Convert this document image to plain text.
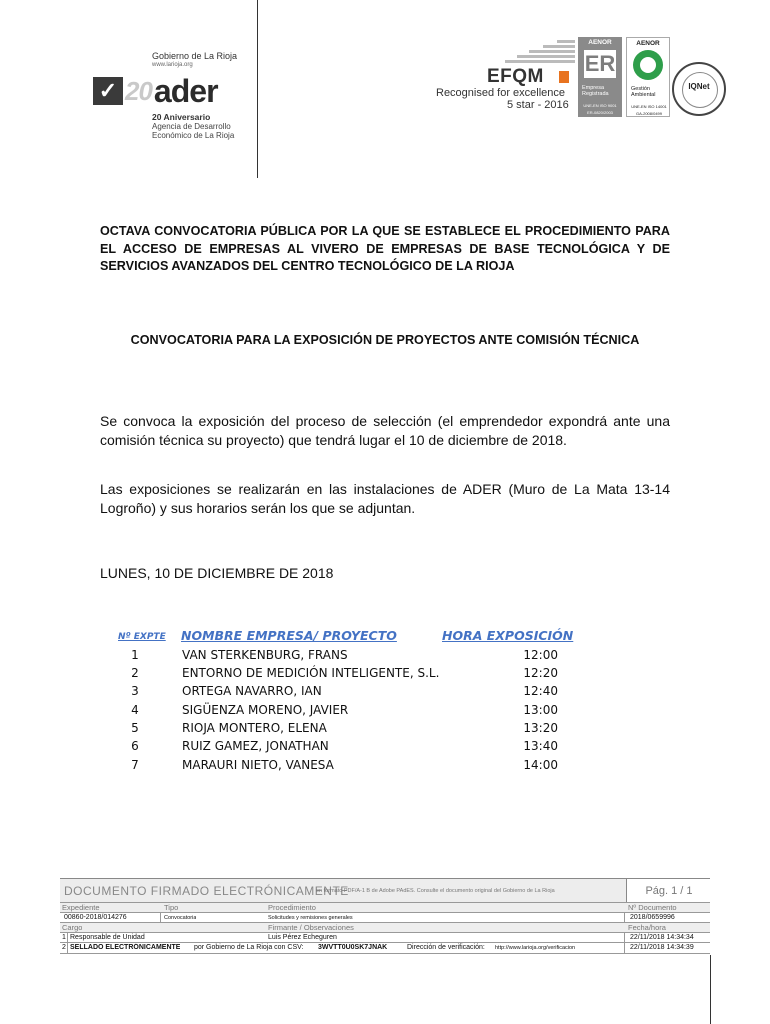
Gobierno de La Rioja
www.larioja.org
✓ 20 ader
20 Aniversario
Agencia de Desarrollo
Económico de La Rioja
EFQM
Recognised for excellence
5 star - 2016
AENOR
ER
Empresa
Registrada
UNE-EN ISO 9001
ER-0820/2003
AENOR
Gestión
Ambiental
UNE-EN ISO 14001
GA-2008/0499
IQNet
OCTAVA CONVOCATORIA PÚBLICA POR LA QUE SE ESTABLECE EL PROCEDIMIENTO PARA EL ACCESO DE EMPRESAS AL VIVERO DE EMPRESAS DE BASE TECNOLÓGICA Y DE SERVICIOS AVANZADOS DEL CENTRO TECNOLÓGICO DE LA RIOJA
CONVOCATORIA PARA LA EXPOSICIÓN DE PROYECTOS ANTE COMISIÓN TÉCNICA
Se convoca la exposición del proceso de selección (el emprendedor expondrá ante una comisión técnica su proyecto) que tendrá lugar el 10 de diciembre de 2018.
Las exposiciones se realizarán en las instalaciones de ADER (Muro de La Mata 13-14 Logroño) y sus horarios serán los que se adjuntan.
LUNES, 10 DE DICIEMBRE DE 2018
Nº EXPTE NOMBRE EMPRESA/ PROYECTO	HORA EXPOSICIÓN
1	VAN STERKENBURG, FRANS	12:00
2	ENTORNO DE MEDICIÓN INTELIGENTE, S.L.	12:20
3	ORTEGA NAVARRO, IAN	12:40
4	SIGÜENZA MORENO, JAVIER	13:00
5	RIOJA MONTERO, ELENA	13:20
6	RUIZ GAMEZ, JONATHAN	13:40
7	MARAURI NIETO, VANESA	14:00
DOCUMENTO FIRMADO ELECTRÓNICAMENTE
en formato PDF/A-1 B de Adobe PAdES. Consulte el documento original del Gobierno de La Rioja	Pág. 1 / 1
Expediente	Tipo	Procedimiento	Nº Documento
00860-2018/014276	Convocatoria	Solicitudes y remisiones generales	2018/0659996
Cargo	Firmante / Observaciones	Fecha/hora
1 Responsable de Unidad	Luis Pérez Echeguren	22/11/2018 14:34:34
2 SELLADO ELECTRÓNICAMENTE por Gobierno de La Rioja con CSV: 3WVTT0U0SK7JNAK	Dirección de verificación: http://www.larioja.org/verificacion	22/11/2018 14:34:39
